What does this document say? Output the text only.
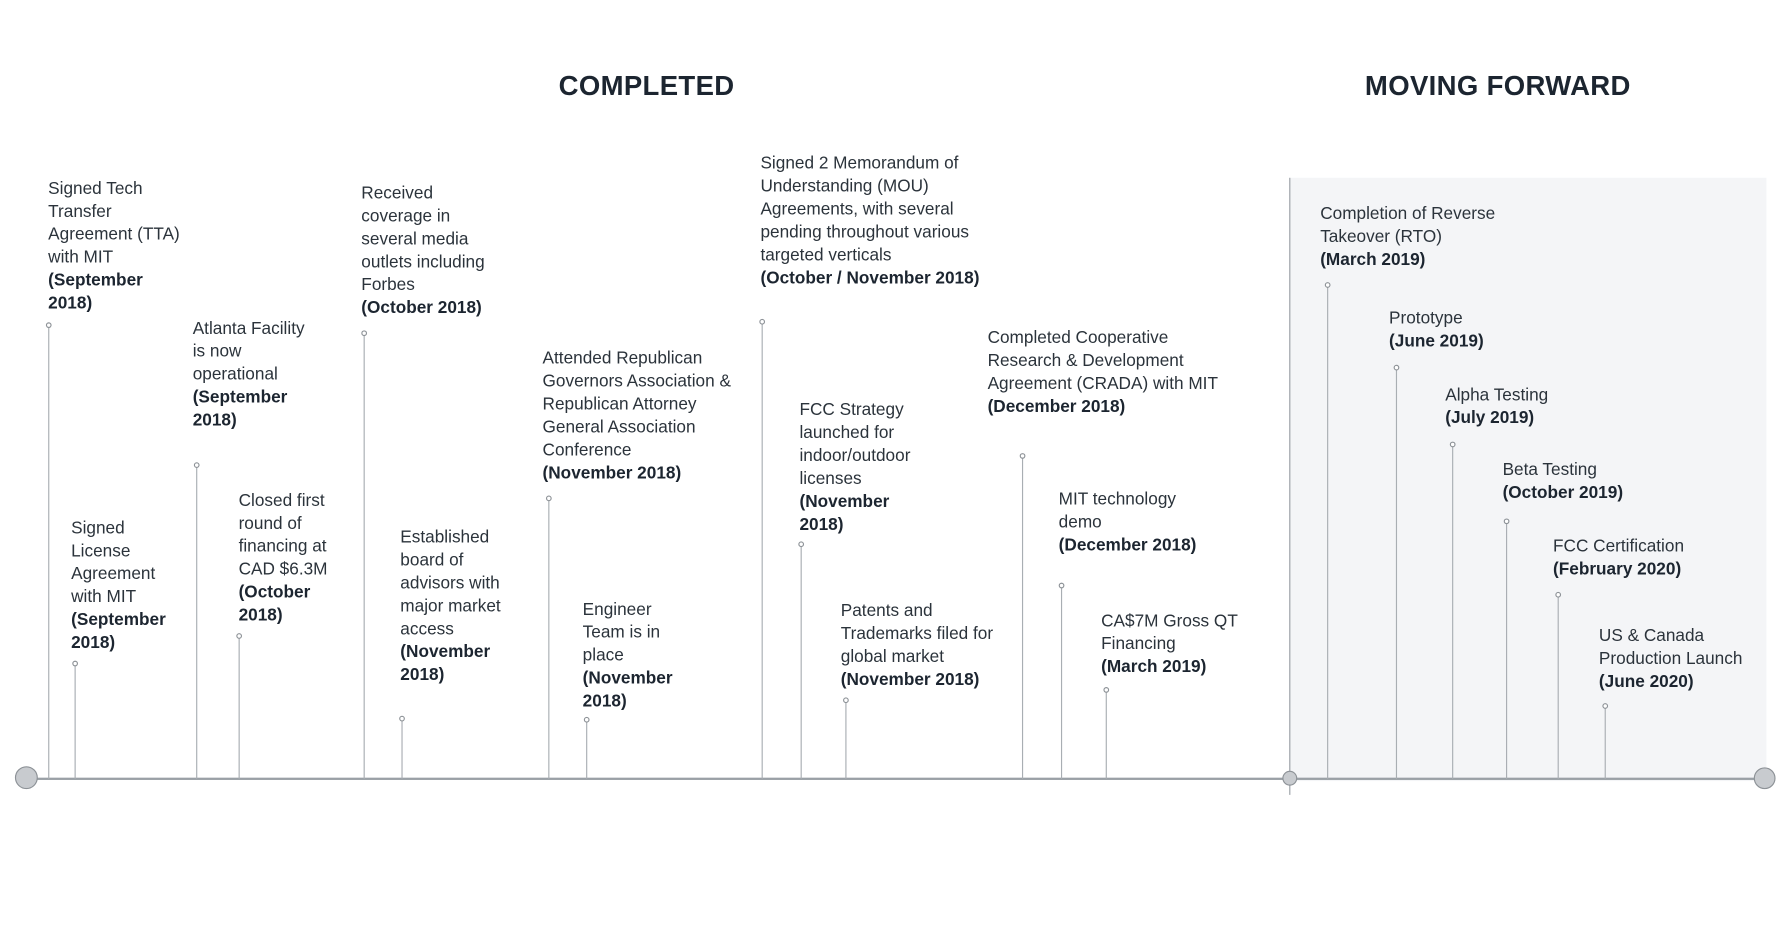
COMPLETED	MOVING FORWARD
Signed Tech Transfer Agreement (TTA) with MIT
(September 2018)
Signed License Agreement with MIT
(September 2018)
Atlanta Facility is now operational
(September 2018)
Closed first round of financing at CAD $6.3M
(October 2018)
Received coverage in several media outlets including Forbes
(October 2018)
Established board of advisors with major market access
(November 2018)
Attended Republican Governors Association & Republican Attorney General Association Conference
(November 2018)
Engineer Team is in place
(November 2018)
Signed 2 Memorandum of Understanding (MOU) Agreements, with several pending throughout various targeted verticals
(October / November 2018)
FCC Strategy launched for indoor/outdoor licenses
(November 2018)
Patents and Trademarks filed for global market
(November 2018)
Completed Cooperative Research & Development Agreement (CRADA) with MIT
(December 2018)
MIT technology demo
(December 2018)
CA$7M Gross QT Financing
(March 2019)
Completion of Reverse Takeover (RTO)
(March 2019)
Prototype
(June 2019)
Alpha Testing
(July 2019)
Beta Testing
(October 2019)
FCC Certification
(February 2020)
US & Canada Production Launch
(June 2020)
